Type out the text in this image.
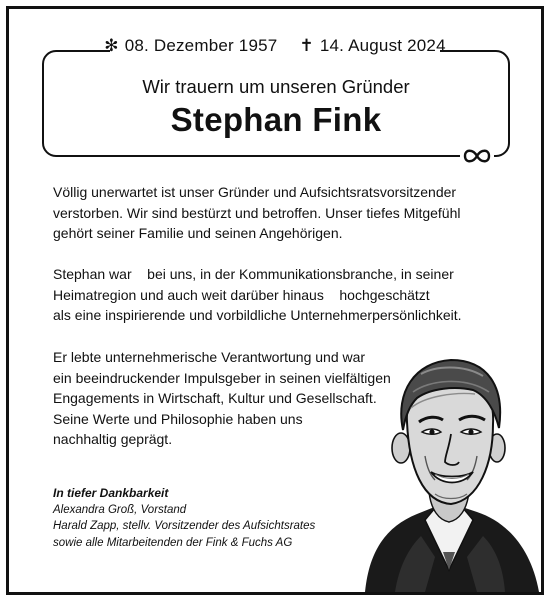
✻ 08. Dezember 1957 ✝ 14. August 2024
Wir trauern um unseren Gründer
Stephan Fink
Völlig unerwartet ist unser Gründer und Aufsichtsratsvorsitzender
verstorben. Wir sind bestürzt und betroffen. Unser tiefes Mitgefühl
gehört seiner Familie und seinen Angehörigen.
Stephan war    bei uns, in der Kommunikationsbranche, in seiner
Heimatregion und auch weit darüber hinaus    hochgeschätzt
als eine inspirierende und vorbildliche Unternehmerpersönlichkeit.
Er lebte unternehmerische Verantwortung und war
ein beeindruckender Impulsgeber in seinen vielfältigen
Engagements in Wirtschaft, Kultur und Gesellschaft.
Seine Werte und Philosophie haben uns
nachhaltig geprägt.
In tiefer Dankbarkeit
Alexandra Groß, Vorstand
Harald Zapp, stellv. Vorsitzender des Aufsichtsrates
sowie alle Mitarbeitenden der Fink & Fuchs AG
